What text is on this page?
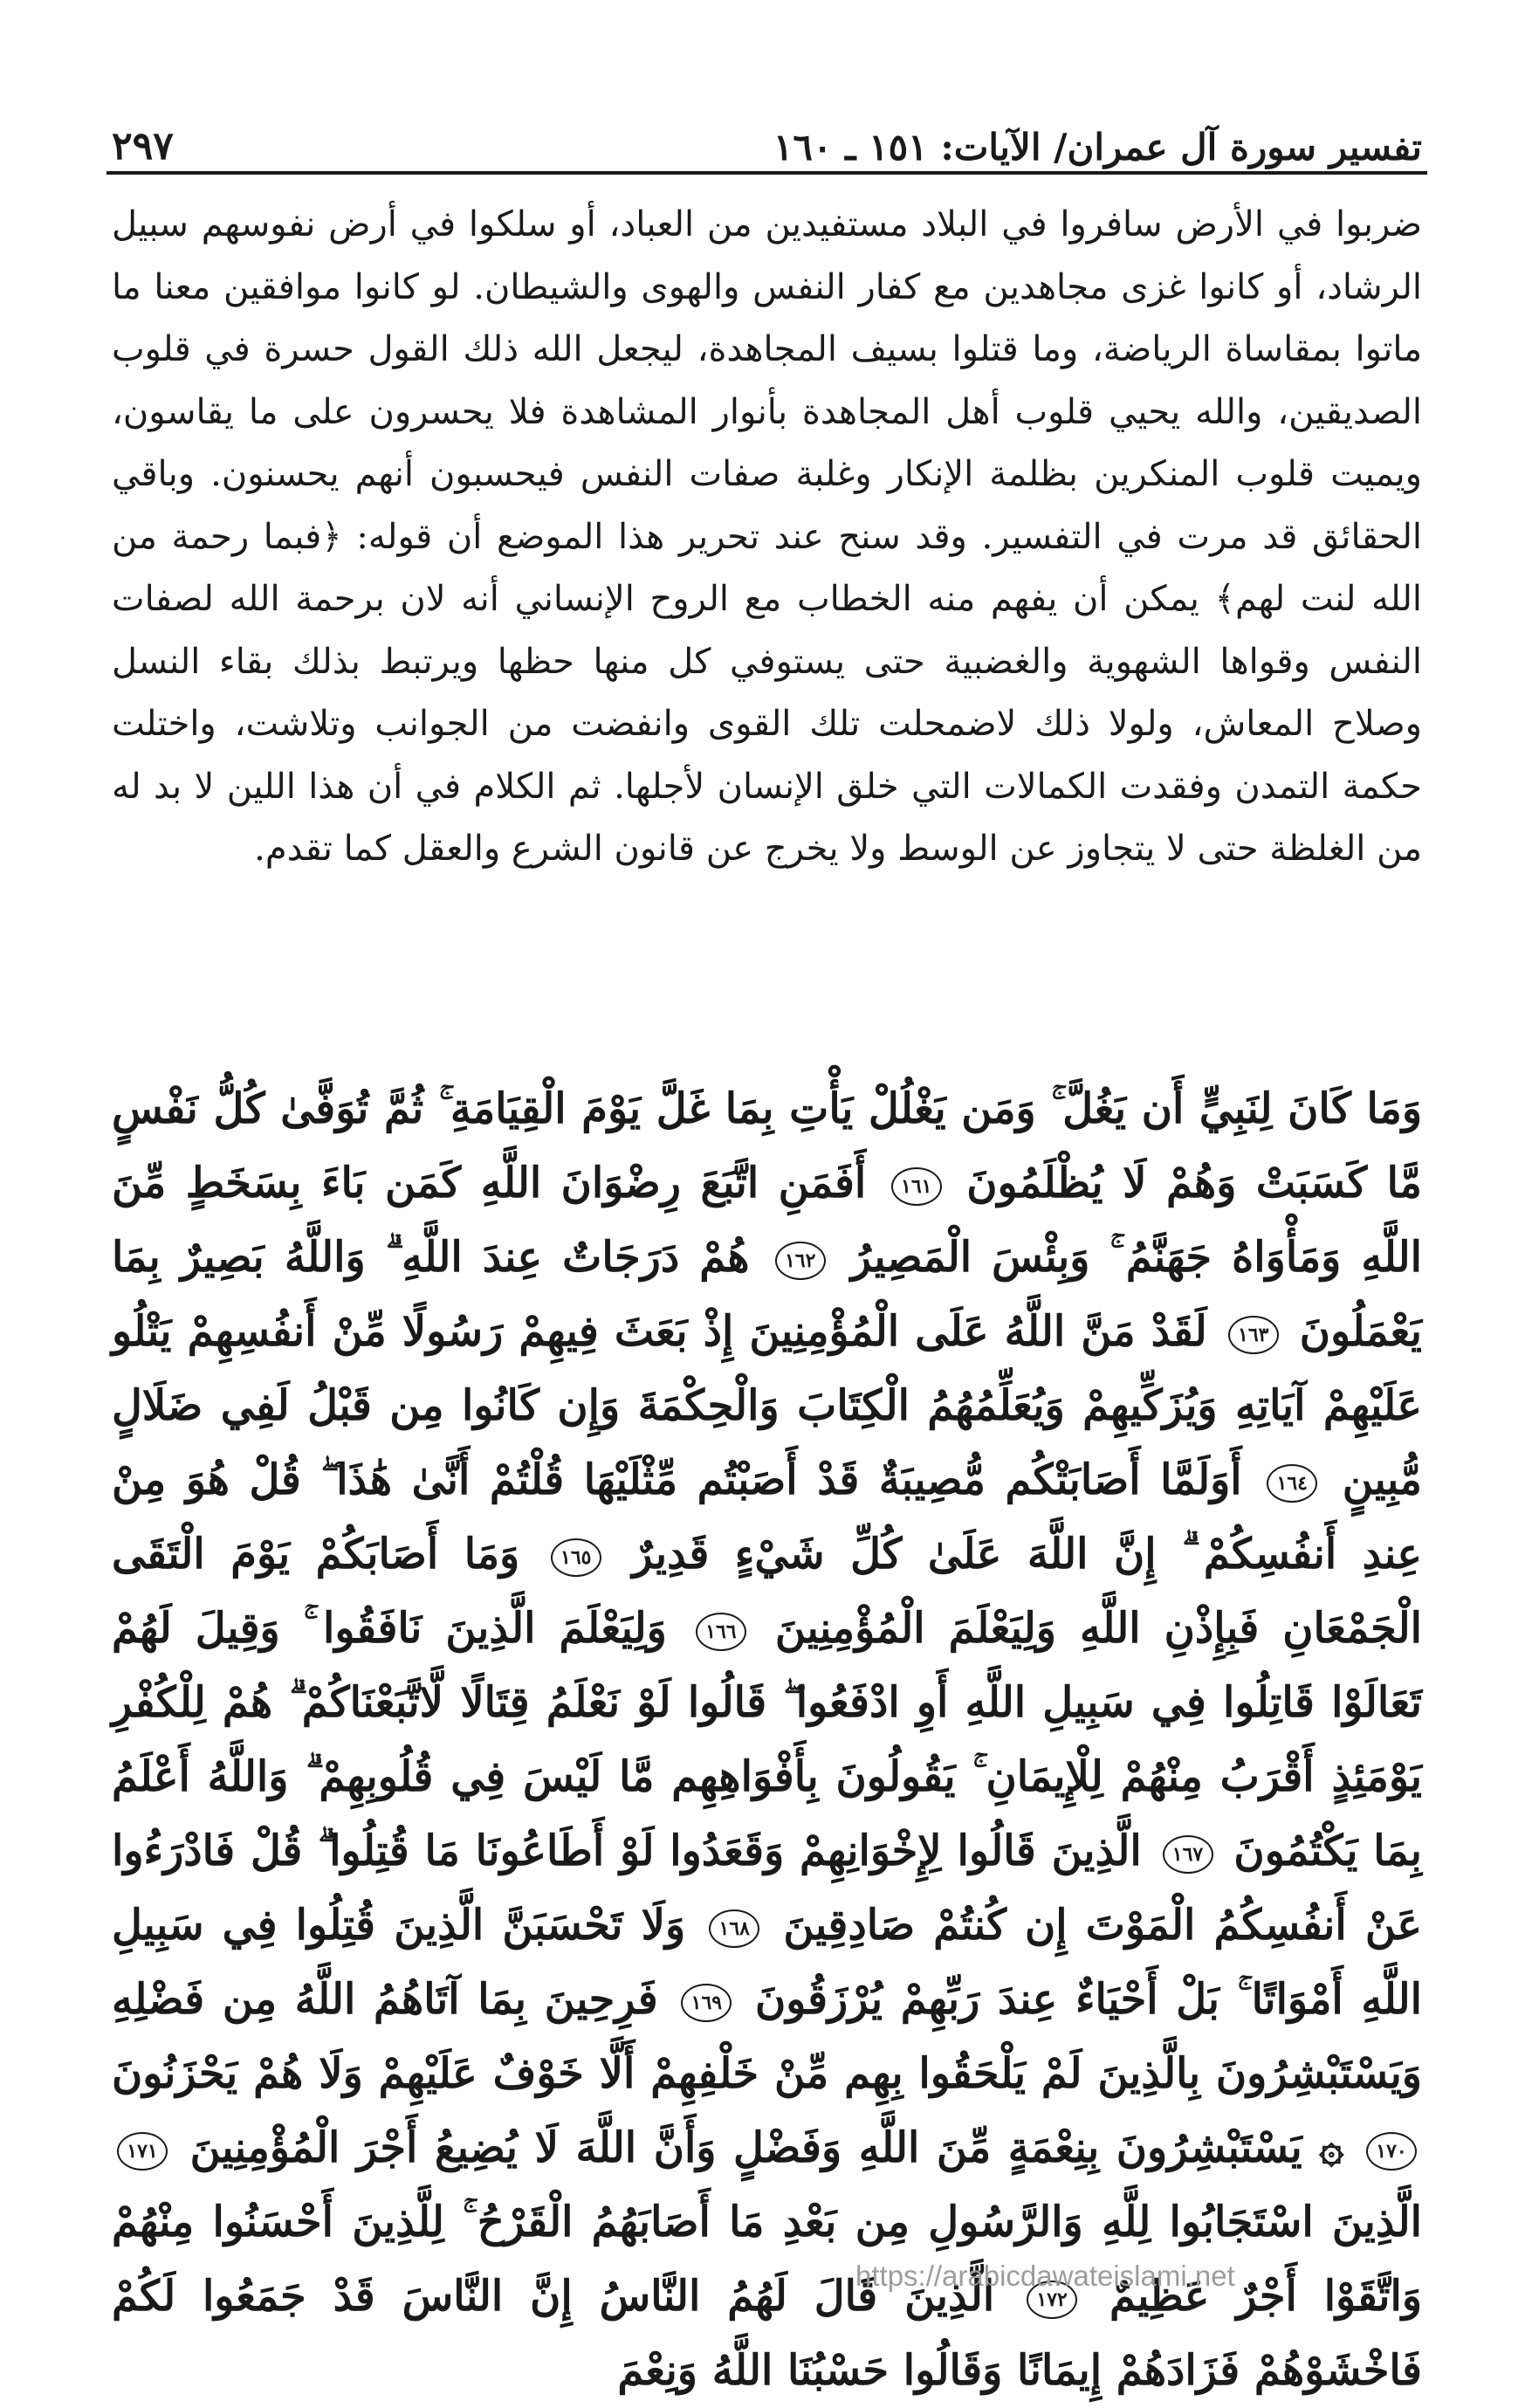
تفسير سورة آل عمران/ الآيات: ١٥١ ـ ١٦٠
٢٩٧

ضربوا في الأرض سافروا في البلاد مستفيدين من العباد، أو سلكوا في أرض نفوسهم سبيل الرشاد، أو كانوا غزى مجاهدين مع كفار النفس والهوى والشيطان. لو كانوا موافقين معنا ما ماتوا بمقاساة الرياضة، وما قتلوا بسيف المجاهدة، ليجعل الله ذلك القول حسرة في قلوب الصديقين، والله يحيي قلوب أهل المجاهدة بأنوار المشاهدة فلا يحسرون على ما يقاسون، ويميت قلوب المنكرين بظلمة الإنكار وغلبة صفات النفس فيحسبون أنهم يحسنون. وباقي الحقائق قد مرت في التفسير. وقد سنح عند تحرير هذا الموضع أن قوله: ﴿فبما رحمة من الله لنت لهم﴾ يمكن أن يفهم منه الخطاب مع الروح الإنساني أنه لان برحمة الله لصفات النفس وقواها الشهوية والغضبية حتى يستوفي كل منها حظها ويرتبط بذلك بقاء النسل وصلاح المعاش، ولولا ذلك لاضمحلت تلك القوى وانفضت من الجوانب وتلاشت، واختلت حكمة التمدن وفقدت الكمالات التي خلق الإنسان لأجلها. ثم الكلام في أن هذا اللين لا بد له من الغلظة حتى لا يتجاوز عن الوسط ولا يخرج عن قانون الشرع والعقل كما تقدم.

وَمَا كَانَ لِنَبِيٍّ أَن يَغُلَّ ۚ وَمَن يَغْلُلْ يَأْتِ بِمَا غَلَّ يَوْمَ الْقِيَامَةِ ۚ ثُمَّ تُوَفَّىٰ كُلُّ نَفْسٍ مَّا كَسَبَتْ وَهُمْ لَا يُظْلَمُونَ ١٦١ أَفَمَنِ اتَّبَعَ رِضْوَانَ اللَّهِ كَمَن بَاءَ بِسَخَطٍ مِّنَ اللَّهِ وَمَأْوَاهُ جَهَنَّمُ ۚ وَبِئْسَ الْمَصِيرُ ١٦٢ هُمْ دَرَجَاتٌ عِندَ اللَّهِ ۗ وَاللَّهُ بَصِيرٌ بِمَا يَعْمَلُونَ ١٦٣ لَقَدْ مَنَّ اللَّهُ عَلَى الْمُؤْمِنِينَ إِذْ بَعَثَ فِيهِمْ رَسُولًا مِّنْ أَنفُسِهِمْ يَتْلُو عَلَيْهِمْ آيَاتِهِ وَيُزَكِّيهِمْ وَيُعَلِّمُهُمُ الْكِتَابَ وَالْحِكْمَةَ وَإِن كَانُوا مِن قَبْلُ لَفِي ضَلَالٍ مُّبِينٍ ١٦٤ أَوَلَمَّا أَصَابَتْكُم مُّصِيبَةٌ قَدْ أَصَبْتُم مِّثْلَيْهَا قُلْتُمْ أَنَّىٰ هَٰذَا ۖ قُلْ هُوَ مِنْ عِندِ أَنفُسِكُمْ ۗ إِنَّ اللَّهَ عَلَىٰ كُلِّ شَيْءٍ قَدِيرٌ ١٦٥ وَمَا أَصَابَكُمْ يَوْمَ الْتَقَى الْجَمْعَانِ فَبِإِذْنِ اللَّهِ وَلِيَعْلَمَ الْمُؤْمِنِينَ ١٦٦ وَلِيَعْلَمَ الَّذِينَ نَافَقُوا ۚ وَقِيلَ لَهُمْ تَعَالَوْا قَاتِلُوا فِي سَبِيلِ اللَّهِ أَوِ ادْفَعُوا ۖ قَالُوا لَوْ نَعْلَمُ قِتَالًا لَّاتَّبَعْنَاكُمْ ۗ هُمْ لِلْكُفْرِ يَوْمَئِذٍ أَقْرَبُ مِنْهُمْ لِلْإِيمَانِ ۚ يَقُولُونَ بِأَفْوَاهِهِم مَّا لَيْسَ فِي قُلُوبِهِمْ ۗ وَاللَّهُ أَعْلَمُ بِمَا يَكْتُمُونَ ١٦٧ الَّذِينَ قَالُوا لِإِخْوَانِهِمْ وَقَعَدُوا لَوْ أَطَاعُونَا مَا قُتِلُوا ۗ قُلْ فَادْرَءُوا عَنْ أَنفُسِكُمُ الْمَوْتَ إِن كُنتُمْ صَادِقِينَ ١٦٨ وَلَا تَحْسَبَنَّ الَّذِينَ قُتِلُوا فِي سَبِيلِ اللَّهِ أَمْوَاتًا ۚ بَلْ أَحْيَاءٌ عِندَ رَبِّهِمْ يُرْزَقُونَ ١٦٩ فَرِحِينَ بِمَا آتَاهُمُ اللَّهُ مِن فَضْلِهِ وَيَسْتَبْشِرُونَ بِالَّذِينَ لَمْ يَلْحَقُوا بِهِم مِّنْ خَلْفِهِمْ أَلَّا خَوْفٌ عَلَيْهِمْ وَلَا هُمْ يَحْزَنُونَ ١٧٠ ۞ يَسْتَبْشِرُونَ بِنِعْمَةٍ مِّنَ اللَّهِ وَفَضْلٍ وَأَنَّ اللَّهَ لَا يُضِيعُ أَجْرَ الْمُؤْمِنِينَ ١٧١ الَّذِينَ اسْتَجَابُوا لِلَّهِ وَالرَّسُولِ مِن بَعْدِ مَا أَصَابَهُمُ الْقَرْحُ ۚ لِلَّذِينَ أَحْسَنُوا مِنْهُمْ وَاتَّقَوْا أَجْرٌ عَظِيمٌ ١٧٢ الَّذِينَ قَالَ لَهُمُ النَّاسُ إِنَّ النَّاسَ قَدْ جَمَعُوا لَكُمْ فَاخْشَوْهُمْ فَزَادَهُمْ إِيمَانًا وَقَالُوا حَسْبُنَا اللَّهُ وَنِعْمَ

https://arabicdawateislami.net
